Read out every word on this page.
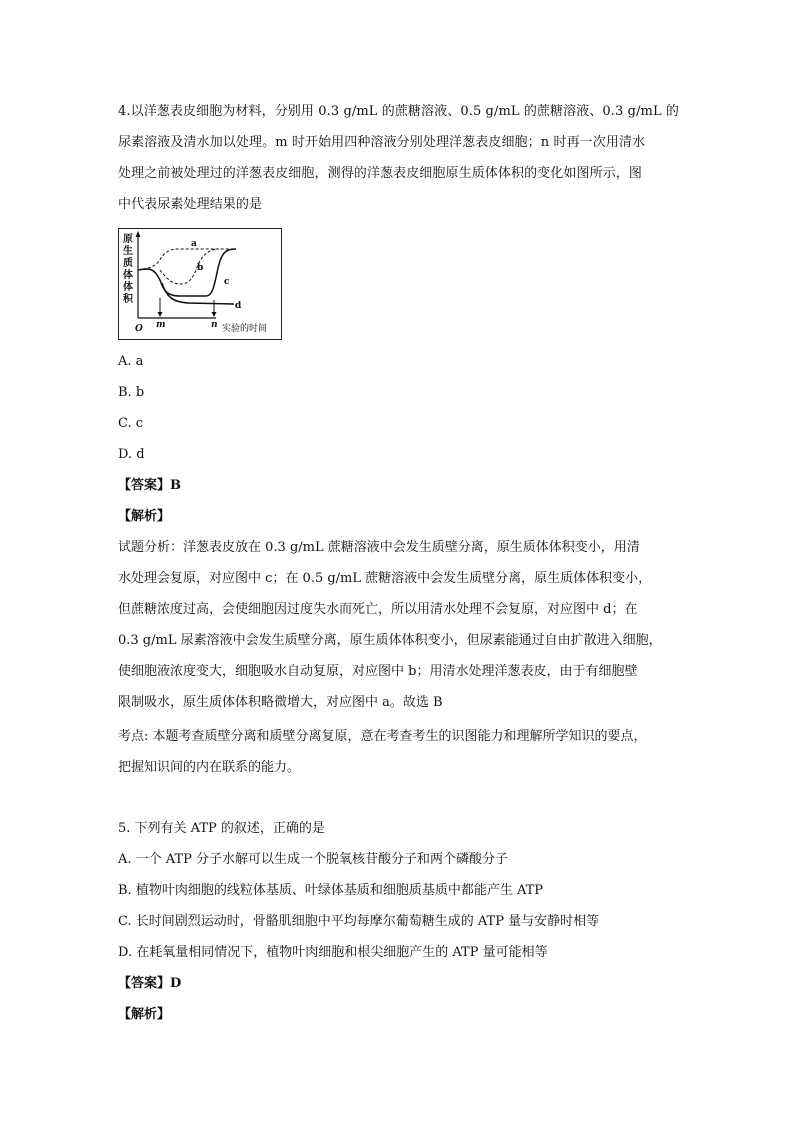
4.以洋葱表皮细胞为材料，分别用 0.3 g/mL 的蔗糖溶液、0.5 g/mL 的蔗糖溶液、0.3 g/mL 的
尿素溶液及清水加以处理。m 时开始用四种溶液分别处理洋葱表皮细胞；n 时再一次用清水
处理之前被处理过的洋葱表皮细胞，测得的洋葱表皮细胞原生质体体积的变化如图所示，图
中代表尿素处理结果的是
原
生
质
体
体
积
a
b
c
d
O m	n 实验的时间
A. a
B. b
C. c
D. d
【答案】B
【解析】
试题分析：洋葱表皮放在 0.3 g/mL 蔗糖溶液中会发生质壁分离，原生质体体积变小，用清
水处理会复原，对应图中 c；在 0.5 g/mL 蔗糖溶液中会发生质壁分离，原生质体体积变小，
但蔗糖浓度过高，会使细胞因过度失水而死亡，所以用清水处理不会复原，对应图中 d；在
0.3 g/mL 尿素溶液中会发生质壁分离，原生质体体积变小，但尿素能通过自由扩散进入细胞，
使细胞液浓度变大，细胞吸水自动复原，对应图中 b；用清水处理洋葱表皮，由于有细胞壁
限制吸水，原生质体体积略微增大，对应图中 a。故选 B
考点: 本题考查质壁分离和质壁分离复原，意在考查考生的识图能力和理解所学知识的要点，
把握知识间的内在联系的能力。
5. 下列有关 ATP 的叙述，正确的是
A. 一个 ATP 分子水解可以生成一个脱氧核苷酸分子和两个磷酸分子
B. 植物叶肉细胞的线粒体基质、叶绿体基质和细胞质基质中都能产生 ATP
C. 长时间剧烈运动时，骨骼肌细胞中平均每摩尔葡萄糖生成的 ATP 量与安静时相等
D. 在耗氧量相同情况下，植物叶肉细胞和根尖细胞产生的 ATP 量可能相等
【答案】D
【解析】
